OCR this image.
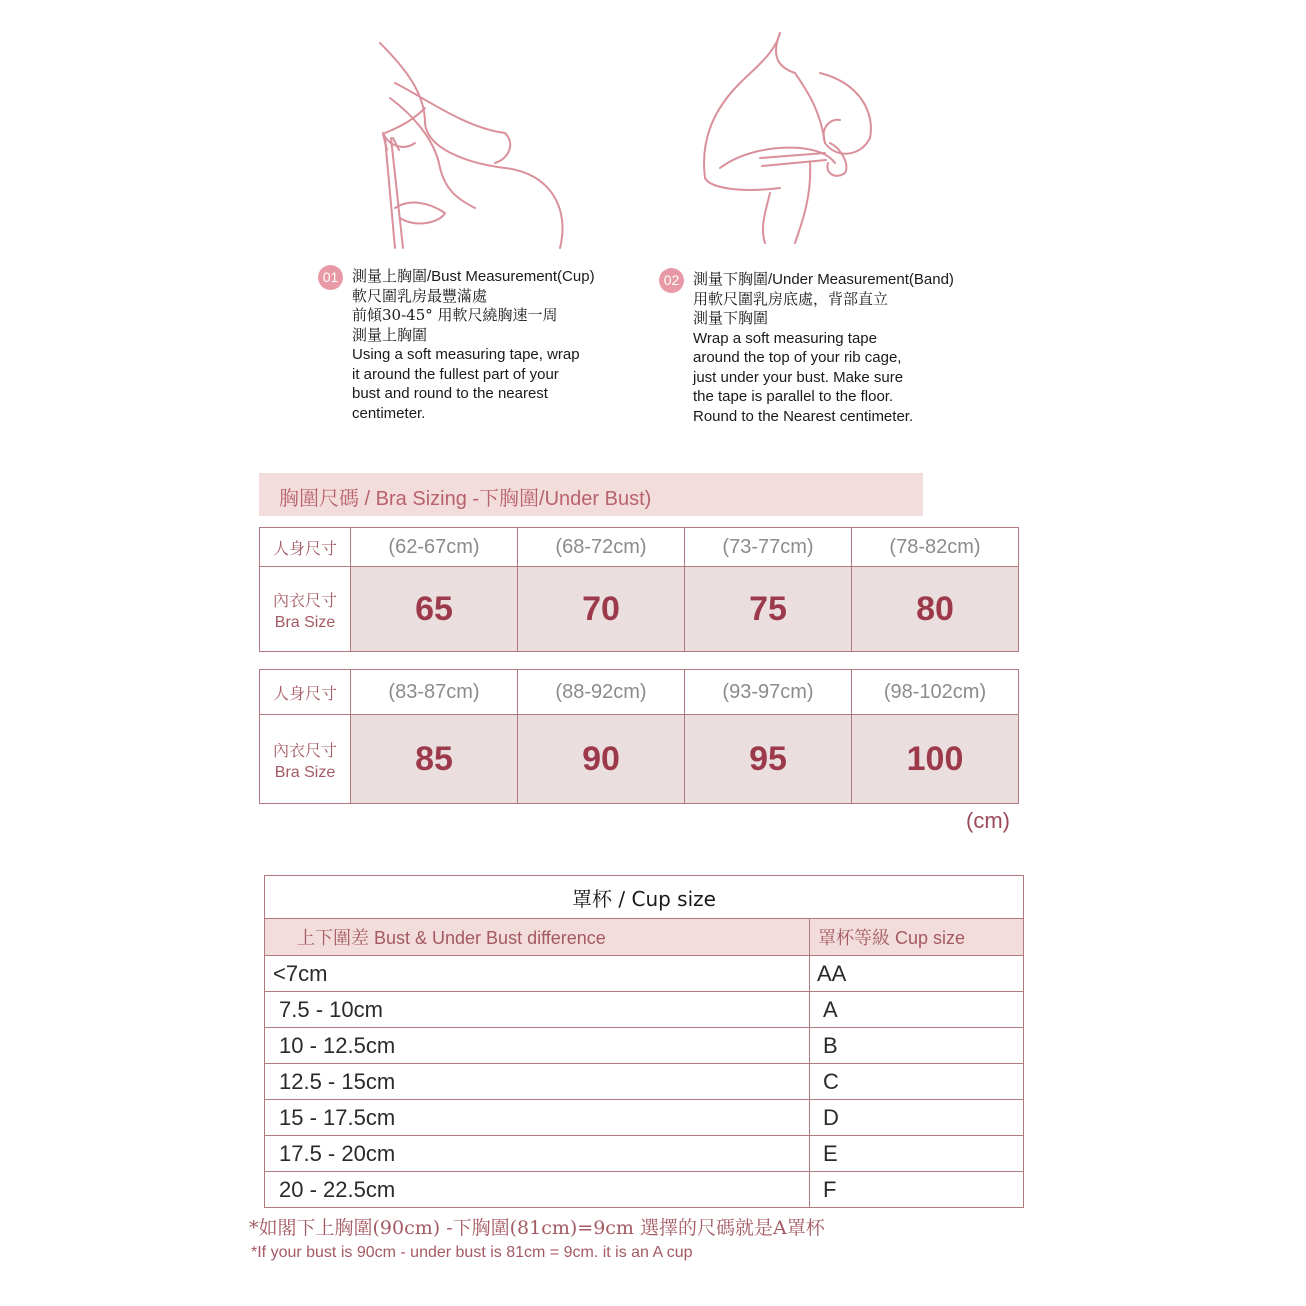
01 測量上胸圍/Bust Measurement(Cup)
軟尺圍乳房最豐滿處
前傾30-45° 用軟尺繞胸速一周
測量上胸圍
Using a soft measuring tape, wrap
it around the fullest part of your
bust and round to the nearest
centimeter.
02 測量下胸圍/Under Measurement(Band)
用軟尺圍乳房底處，背部直立
測量下胸圍
Wrap a soft measuring tape
around the top of your rib cage,
just under your bust. Make sure
the tape is parallel to the floor.
Round to the Nearest centimeter.
胸圍尺碼 / Bra Sizing -下胸圍/Under Bust)
人身尺寸	(62-67cm)	(68-72cm)	(73-77cm)	(78-82cm)

內衣尺寸
Bra Size	65	70	75	80
人身尺寸	(83-87cm)	(88-92cm)	(93-97cm)	(98-102cm)

內衣尺寸
Bra Size	85	90	95	100
(cm)
罩杯 / Cup size	
上下圍差 Bust & Under Bust difference	罩杯等級 Cup size
<7cm	AA
7.5 - 10cm	A
10 - 12.5cm	B
12.5 - 15cm	C
15 - 17.5cm	D
17.5 - 20cm	E
20 - 22.5cm	F
*如閣下上胸圍(90cm) -下胸圍(81cm)=9cm 選擇的尺碼就是A罩杯
*If your bust is 90cm - under bust is 81cm = 9cm. it is an A cup
